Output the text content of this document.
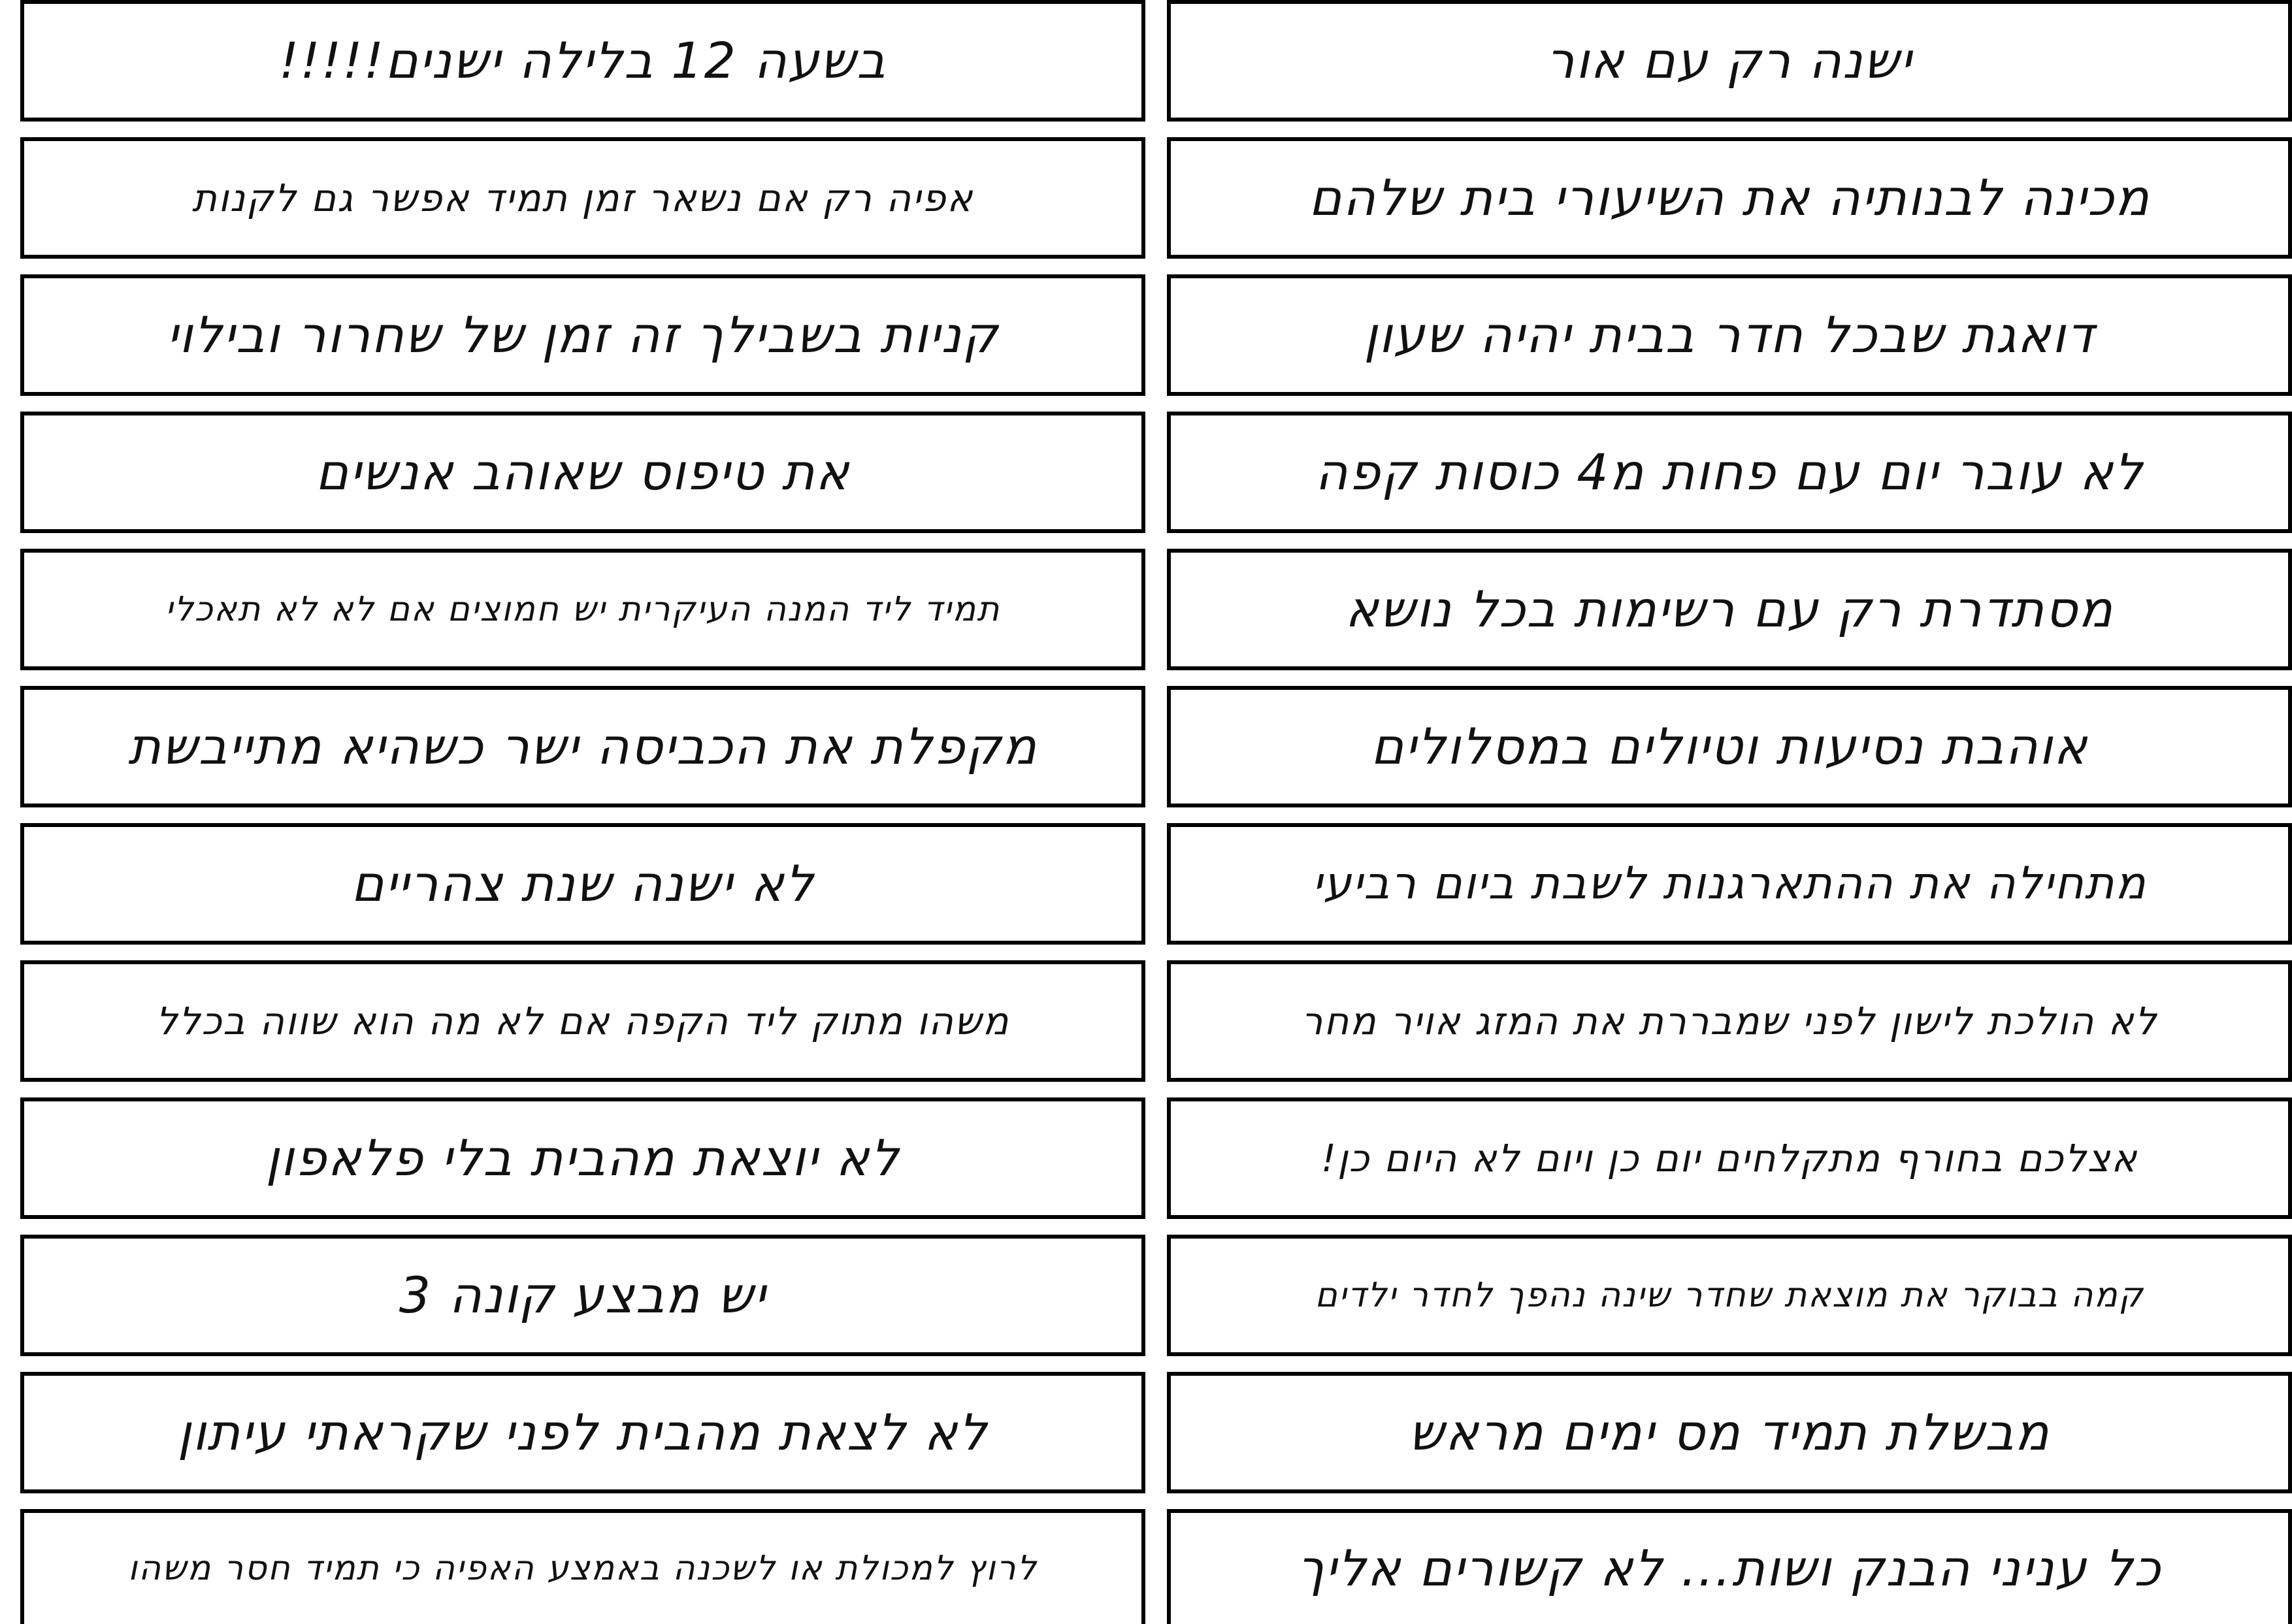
ישנה רק עם אור
מכינה לבנותיה את השיעורי בית שלהם
דואגת שבכל חדר בבית יהיה שעון
לא עובר יום עם פחות מ4 כוסות קפה
מסתדרת רק עם רשימות בכל נושא
אוהבת נסיעות וטיולים במסלולים
מתחילה את ההתארגנות לשבת ביום רביעי
לא הולכת לישון לפני שמבררת את המזג אויר מחר
אצלכם בחורף מתקלחים יום כן ויום לא היום כן!
קמה בבוקר את מוצאת שחדר שינה נהפך לחדר ילדים
מבשלת תמיד מס ימים מראש
כל עניני הבנק ושות... לא קשורים אליך
בשעה 12 בלילה ישנים!!!!!
אפיה רק אם נשאר זמן תמיד אפשר גם לקנות
קניות בשבילך זה זמן של שחרור ובילוי
את טיפוס שאוהב אנשים
תמיד ליד המנה העיקרית יש חמוצים אם לא לא תאכלי
מקפלת את הכביסה ישר כשהיא מתייבשת
לא ישנה שנת צהריים
משהו מתוק ליד הקפה אם לא מה הוא שווה בכלל
לא יוצאת מהבית בלי פלאפון
יש מבצע קונה 3
לא לצאת מהבית לפני שקראתי עיתון
לרוץ למכולת או לשכנה באמצע האפיה כי תמיד חסר משהו
